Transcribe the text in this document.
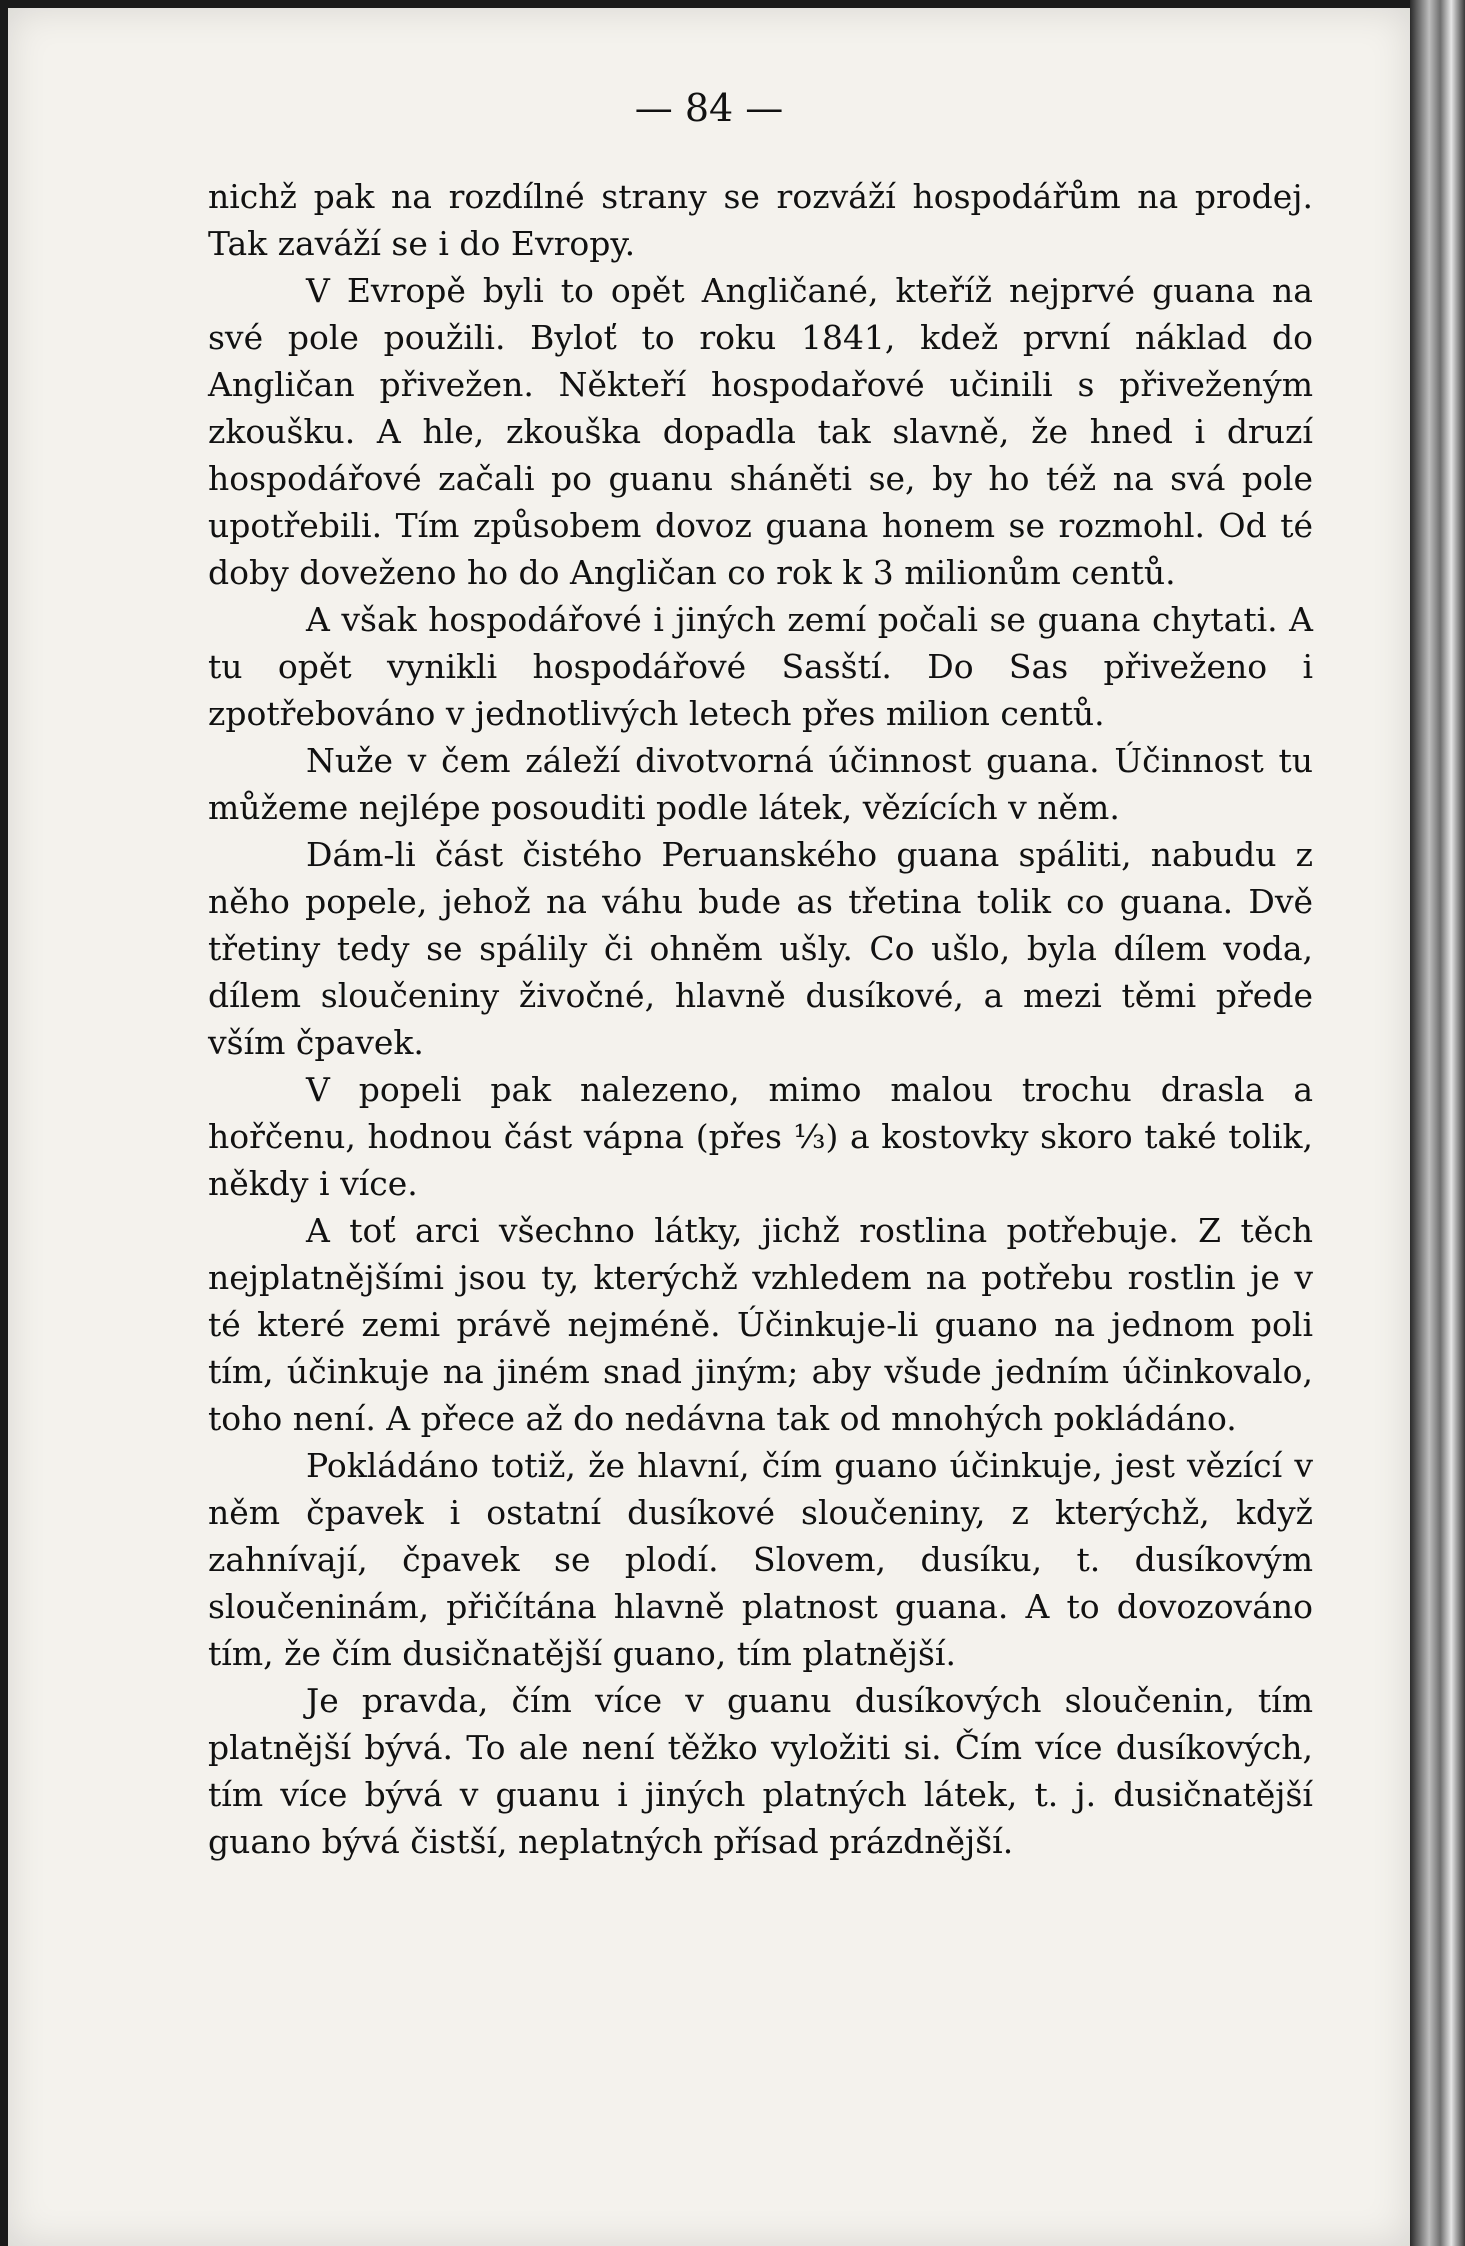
— 84 —

nichž pak na rozdílné strany se rozváží hospodářům na prodej. Tak zaváží se i do Evropy.

V Evropě byli to opět Angličané, kteříž nejprvé guana na své pole použili. Byloť to roku 1841, kdež první náklad do Angličan přivežen. Někteří hospodařové učinili s přiveženým zkoušku. A hle, zkouška dopadla tak slavně, že hned i druzí hospodářové začali po guanu sháněti se, by ho též na svá pole upotřebili. Tím způsobem dovoz guana honem se rozmohl. Od té doby doveženo ho do Angličan co rok k 3 milionům centů.

A však hospodářové i jiných zemí počali se guana chytati. A tu opět vynikli hospodářové Sasští. Do Sas přiveženo i zpotřebováno v jednotlivých letech přes milion centů.

Nuže v čem záleží divotvorná účinnost guana. Účinnost tu můžeme nejlépe posouditi podle látek, vězících v něm.

Dám-li část čistého Peruanského guana spáliti, nabudu z něho popele, jehož na váhu bude as třetina tolik co guana. Dvě třetiny tedy se spálily či ohněm ušly. Co ušlo, byla dílem voda, dílem sloučeniny živočné, hlavně dusíkové, a mezi těmi přede vším čpavek.

V popeli pak nalezeno, mimo malou trochu drasla a hořčenu, hodnou část vápna (přes ⅓) a kostovky skoro také tolik, někdy i více.

A toť arci všechno látky, jichž rostlina potřebuje. Z těch nejplatnějšími jsou ty, kterýchž vzhledem na potřebu rostlin je v té které zemi právě nejméně. Účinkuje-li guano na jednom poli tím, účinkuje na jiném snad jiným; aby všude jedním účinkovalo, toho není. A přece až do nedávna tak od mnohých pokládáno.

Pokládáno totiž, že hlavní, čím guano účinkuje, jest vězící v něm čpavek i ostatní dusíkové sloučeniny, z kterýchž, když zahnívají, čpavek se plodí. Slovem, dusíku, t. dusíkovým sloučeninám, přičítána hlavně platnost guana. A to dovozováno tím, že čím dusičnatější guano, tím platnější.

Je pravda, čím více v guanu dusíkových sloučenin, tím platnější bývá. To ale není těžko vyložiti si. Čím více dusíkových, tím více bývá v guanu i jiných platných látek, t. j. dusičnatější guano bývá čistší, neplatných přísad prázdnější.
